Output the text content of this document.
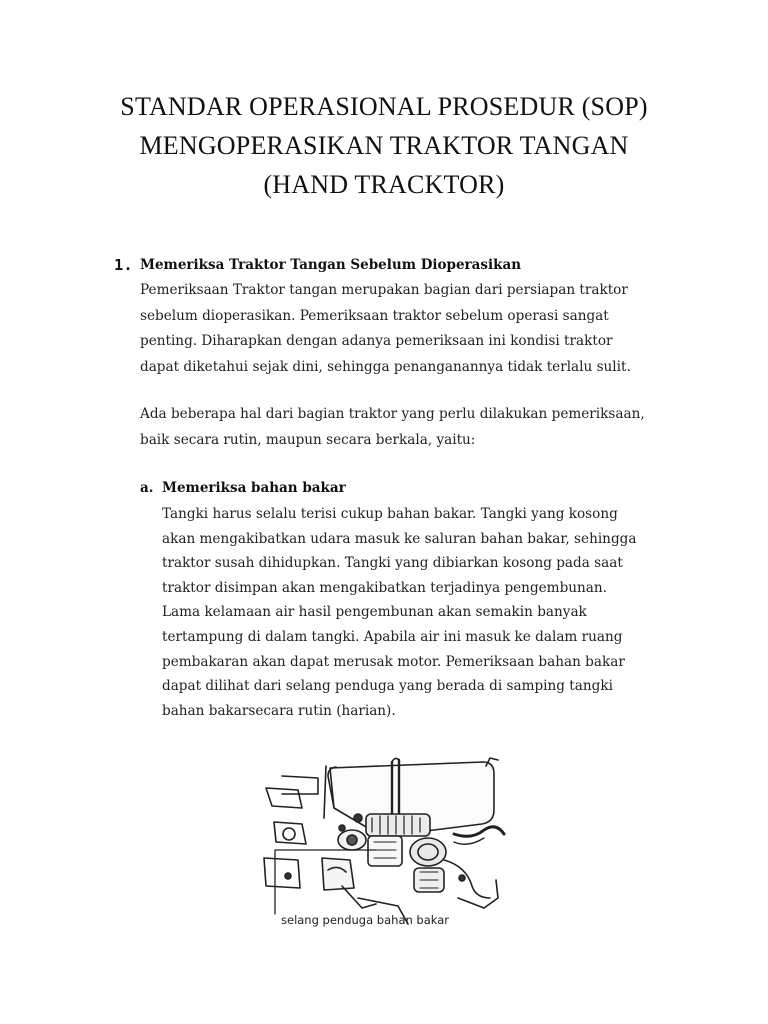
STANDAR OPERASIONAL PROSEDUR (SOP)
MENGOPERASIKAN TRAKTOR TANGAN
(HAND TRACKTOR)
1. Memeriksa Traktor Tangan Sebelum Dioperasikan

Pemeriksaan Traktor tangan merupakan bagian dari persiapan traktor
sebelum dioperasikan. Pemeriksaan traktor sebelum operasi sangat
penting. Diharapkan dengan adanya pemeriksaan ini kondisi traktor
dapat diketahui sejak dini, sehingga penanganannya tidak terlalu sulit.

Ada beberapa hal dari bagian traktor yang perlu dilakukan pemeriksaan,
baik secara rutin, maupun secara berkala, yaitu:

a. Memeriksa bahan bakar

Tangki harus selalu terisi cukup bahan bakar. Tangki yang kosong
akan mengakibatkan udara masuk ke saluran bahan bakar, sehingga
traktor susah dihidupkan. Tangki yang dibiarkan kosong pada saat
traktor disimpan akan mengakibatkan terjadinya pengembunan.
Lama kelamaan air hasil pengembunan akan semakin banyak
tertampung di dalam tangki. Apabila air ini masuk ke dalam ruang
pembakaran akan dapat merusak motor. Pemeriksaan bahan bakar
dapat dilihat dari selang penduga yang berada di samping tangki
bahan bakarsecara rutin (harian).

selang penduga bahan bakar
